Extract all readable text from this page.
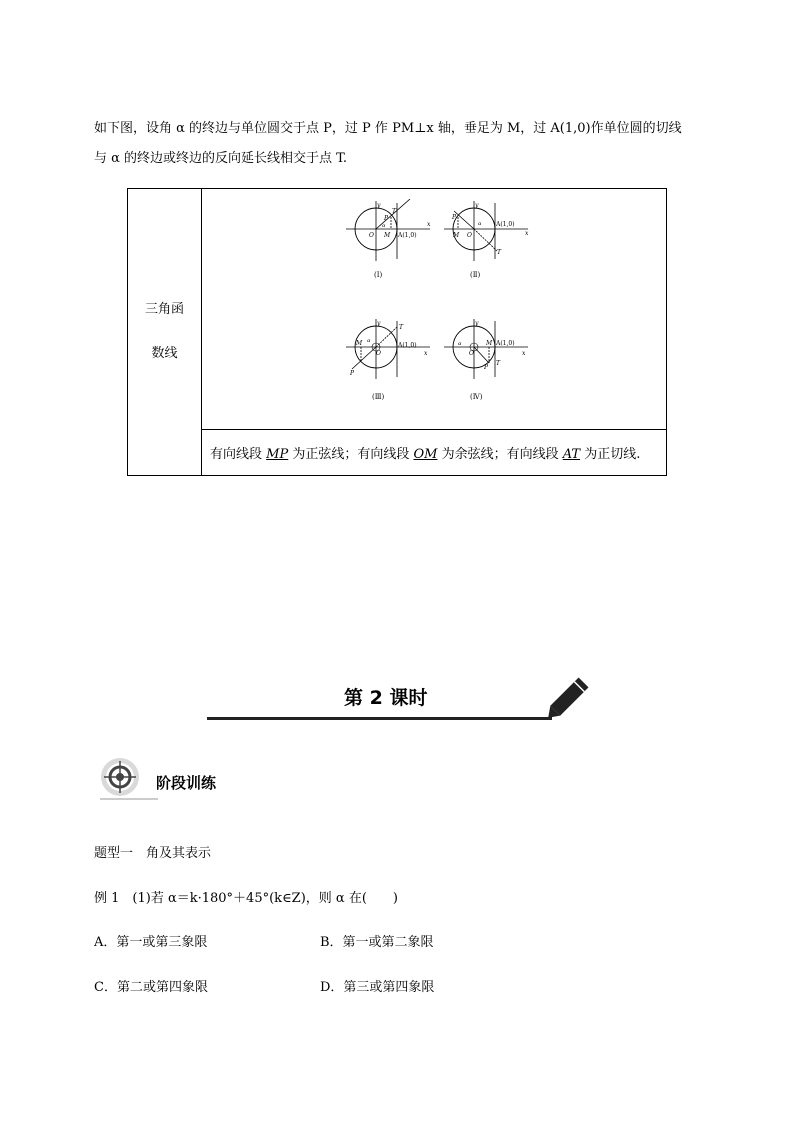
如下图，设角 α 的终边与单位圆交于点 P，过 P 作 PM⊥x 轴，垂足为 M，过 A(1,0)作单位圆的切线
与 α 的终边或终边的反向延长线相交于点 T.
三角函
数线

y
x
T
P
α
O M A(1,0)
(Ⅰ)
y
x
P
α
M O
A(1,0)
T
(Ⅱ)
y
x
T
M α
O
A(1,0)
P
(Ⅲ)
y
x
α
O
M A(1,0)
P
T
(Ⅳ)

有向线段 MP 为正弦线；有向线段 OM 为余弦线；有向线段 AT 为正切线.
第 2 课时
阶段训练
题型一　角及其表示
例 1　(1)若 α＝k·180°＋45°(k∈Z)，则 α 在(　　)
A．第一或第三象限	B．第一或第二象限
C．第二或第四象限	D．第三或第四象限
